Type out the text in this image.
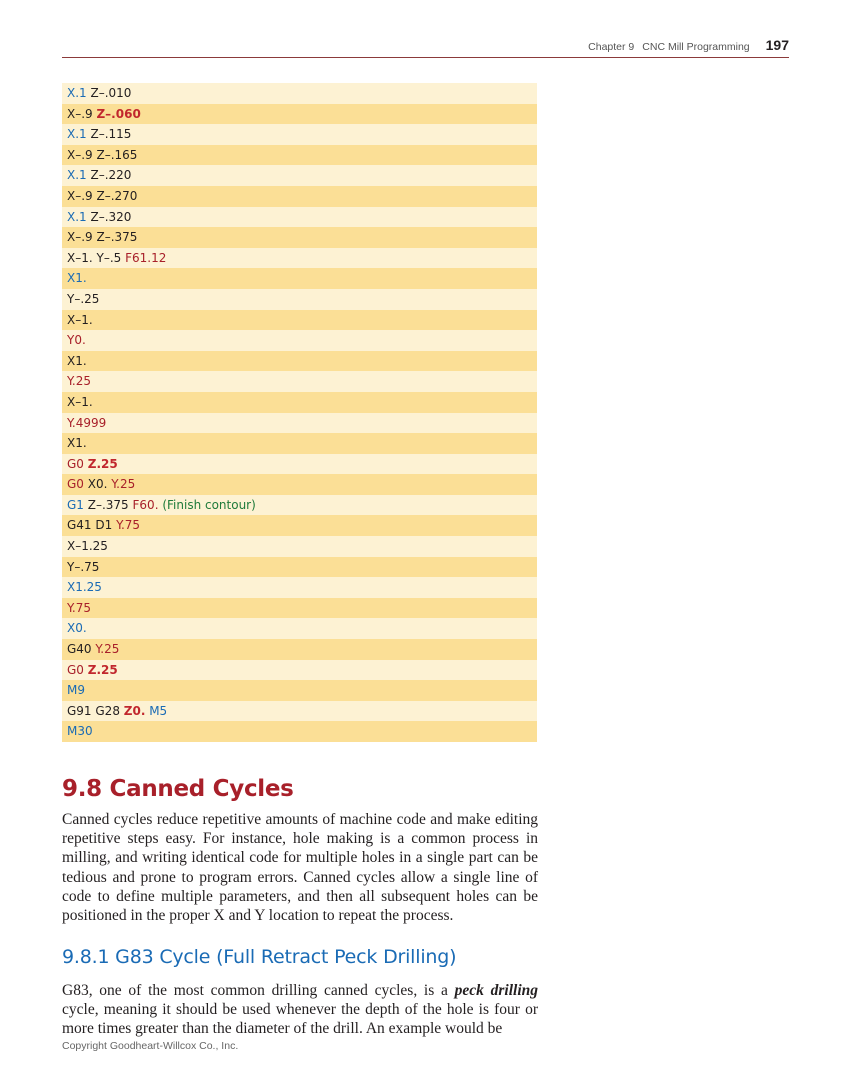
Chapter 9 CNC Mill Programming 197
X.1 Z–.010
X–.9 Z–.060
X.1 Z–.115
X–.9 Z–.165
X.1 Z–.220
X–.9 Z–.270
X.1 Z–.320
X–.9 Z–.375
X–1. Y–.5 F61.12
X1.
Y–.25
X–1.
Y0.
X1.
Y.25
X–1.
Y.4999
X1.
G0 Z.25
G0 X0. Y.25
G1 Z–.375 F60. (Finish contour)
G41 D1 Y.75
X–1.25
Y–.75
X1.25
Y.75
X0.
G40 Y.25
G0 Z.25
M9
G91 G28 Z0. M5
M30
9.8 Canned Cycles

Canned cycles reduce repetitive amounts of machine code and make editing repetitive steps easy. For instance, hole making is a common process in milling, and writing identical code for multiple holes in a single part can be tedious and prone to program errors. Canned cycles allow a single line of code to define multiple parameters, and then all subsequent holes can be positioned in the proper X and Y location to repeat the process.

9.8.1 G83 Cycle (Full Retract Peck Drilling)

G83, one of the most common drilling canned cycles, is a peck drilling cycle, meaning it should be used whenever the depth of the hole is four or more times greater than the diameter of the drill. An example would be

Copyright Goodheart-Willcox Co., Inc.
